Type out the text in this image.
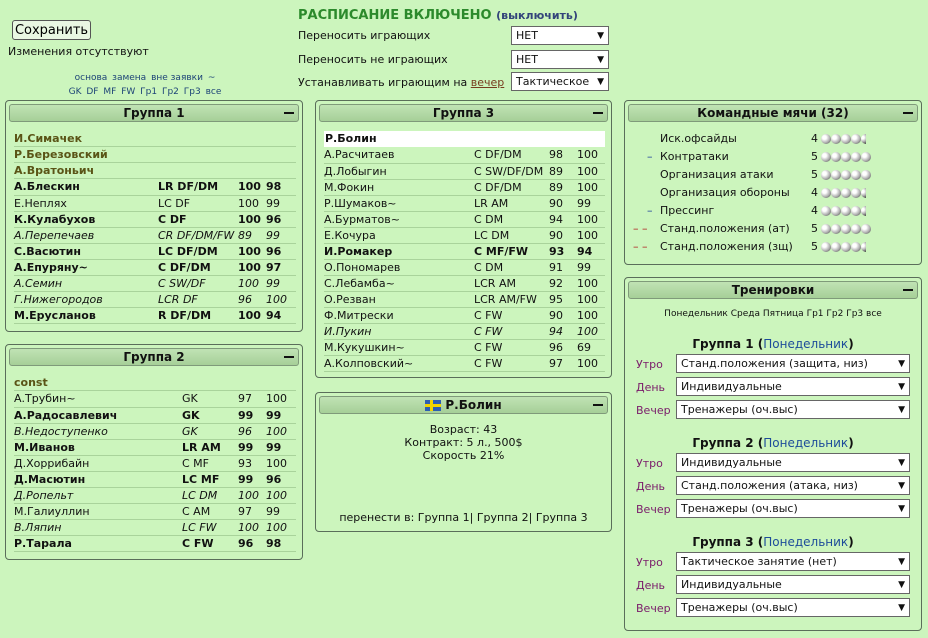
Сохранить
Изменения отсутствуют
основа замена вне заявки ~
GK DF MF FW Гр1 Гр2 Гр3 все
РАСПИСАНИЕ ВКЛЮЧЕНО (выключить)
Переносить играющих
Переносить не играющих
Устанавливать играющим на вечер
НЕТ	▼
НЕТ	▼
Тактическое ▼
Группа 1
И.Симачек
Р.Березовский
А.Вратоньич
А.Блескин	LR DF/DM	100	98
Е.Неплях	LC DF	100	99
К.Кулабухов	C DF	100	96
А.Перепечаев	CR DF/DM/FW	89	99
С.Васютин	LC DF/DM	100	96
А.Епуряну~	C DF/DM	100	97
А.Семин	C SW/DF	100	99
Г.Нижегородов	LCR DF	96	100
М.Еруcланов	R DF/DM	100	94
Группа 2
const
А.Трубин~	GK	97	100
А.Радосавлевич	GK	99	99
В.Недоступенко	GK	96	100
М.Иванов	LR AM	99	99
Д.Хоррибайн	C MF	93	100
Д.Масютин	LC MF	99	96
Д.Ропельт	LC DM	100	100
М.Галиуллин	C AM	97	99
В.Ляпин	LC FW	100	100
Р.Тарала	C FW	96	98
Группа 3
Р.Болин
А.Расчитаев	C DF/DM	98	100
Д.Лобыгин	C SW/DF/DM	89	100
М.Фокин	C DF/DM	89	100
Р.Шумаков~	LR AM	90	99
А.Бурматов~	C DM	94	100
Е.Кочура	LC DM	90	100
И.Ромакер	C MF/FW	93	94
О.Пономарев	C DM	91	99
С.Лебамба~	LCR AM	92	100
О.Резван	LCR AM/FW	95	100
Ф.Митрески	C FW	90	100
И.Пукин	C FW	94	100
М.Кукушкин~	C FW	96	69
А.Колповский~	C FW	97	100
Р.Болин
Возраст: 43
Контракт: 5 л., 500$
Скорость 21%
перенести в: Группа 1| Группа 2| Группа 3
Командные мячи (32)
Иск.офсайды	4
– Контратаки	5
Организация атаки	5
Организация обороны 4
– Прессинг	4
– – Станд.положения (ат) 5
– – Станд.положения (зщ) 5
Тренировки
Понедельник Среда Пятница Гр1 Гр2 Гр3 все
Группа 1 (Понедельник)
Утро Станд.положения (защита, низ)	▼
День Индивидуальные	▼
Вечер Тренажеры (оч.выс)	▼
Группа 2 (Понедельник)
Утро Индивидуальные	▼
День Станд.положения (атака, низ)	▼
Вечер Тренажеры (оч.выс)	▼
Группа 3 (Понедельник)
Утро Тактическое занятие (нет)	▼
День Индивидуальные	▼
Вечер Тренажеры (оч.выс)	▼
